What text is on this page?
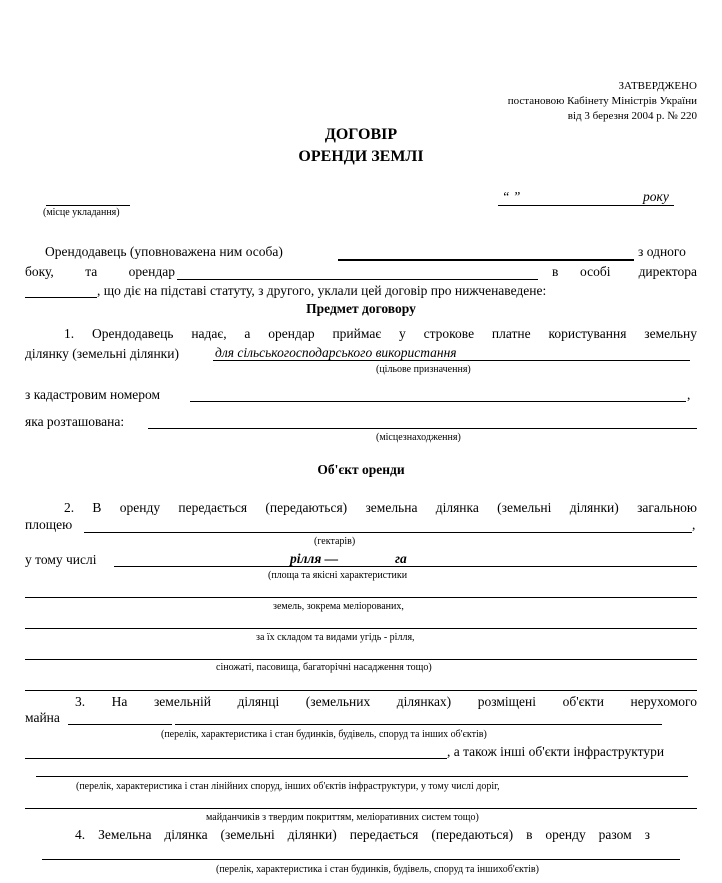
ЗАТВЕРДЖЕНО
постановою Кабінету Міністрів України
від 3 березня 2004 р. № 220
ДОГОВІР
ОРЕНДИ ЗЕМЛІ
(місце укладання)
“ ”	року
Орендодавець (уповноважена ним особа)	з одного
боку, та орендар	в особі директора
, що діє на підставі статуту, з другого, уклали цей договір про нижченаведене:
Предмет договору
1. Орендодавець надає, а орендар приймає у строкове платне користування земельну
ділянку (земельні ділянки)	для сільськогосподарського використання
(цільове призначення)
з кадастровим номером	,
яка розташована:
(місцезнаходження)
Об'єкт оренди
2. В оренду передається (передаються) земельна ділянка (земельні ділянки) загальною
площею	,
(гектарів)
у тому числі	рілля —	га
(площа та якісні характеристики
земель, зокрема меліорованих,
за їх складом та видами угідь - рілля,
сіножаті, пасовища, багаторічні насадження тощо)
3. На земельній ділянці (земельних ділянках) розміщені об'єкти нерухомого
майна
(перелік, характеристика і стан будинків, будівель, споруд та інших об'єктів)
, а також інші об'єкти інфраструктури
(перелік, характеристика і стан лінійних споруд, інших об'єктів інфраструктури, у тому числі доріг,
майданчиків з твердим покриттям, меліоративних систем тощо)
4. Земельна ділянка (земельні ділянки) передається (передаються) в оренду разом з
(перелік, характеристика і стан будинків, будівель, споруд та іншихоб'єктів)
